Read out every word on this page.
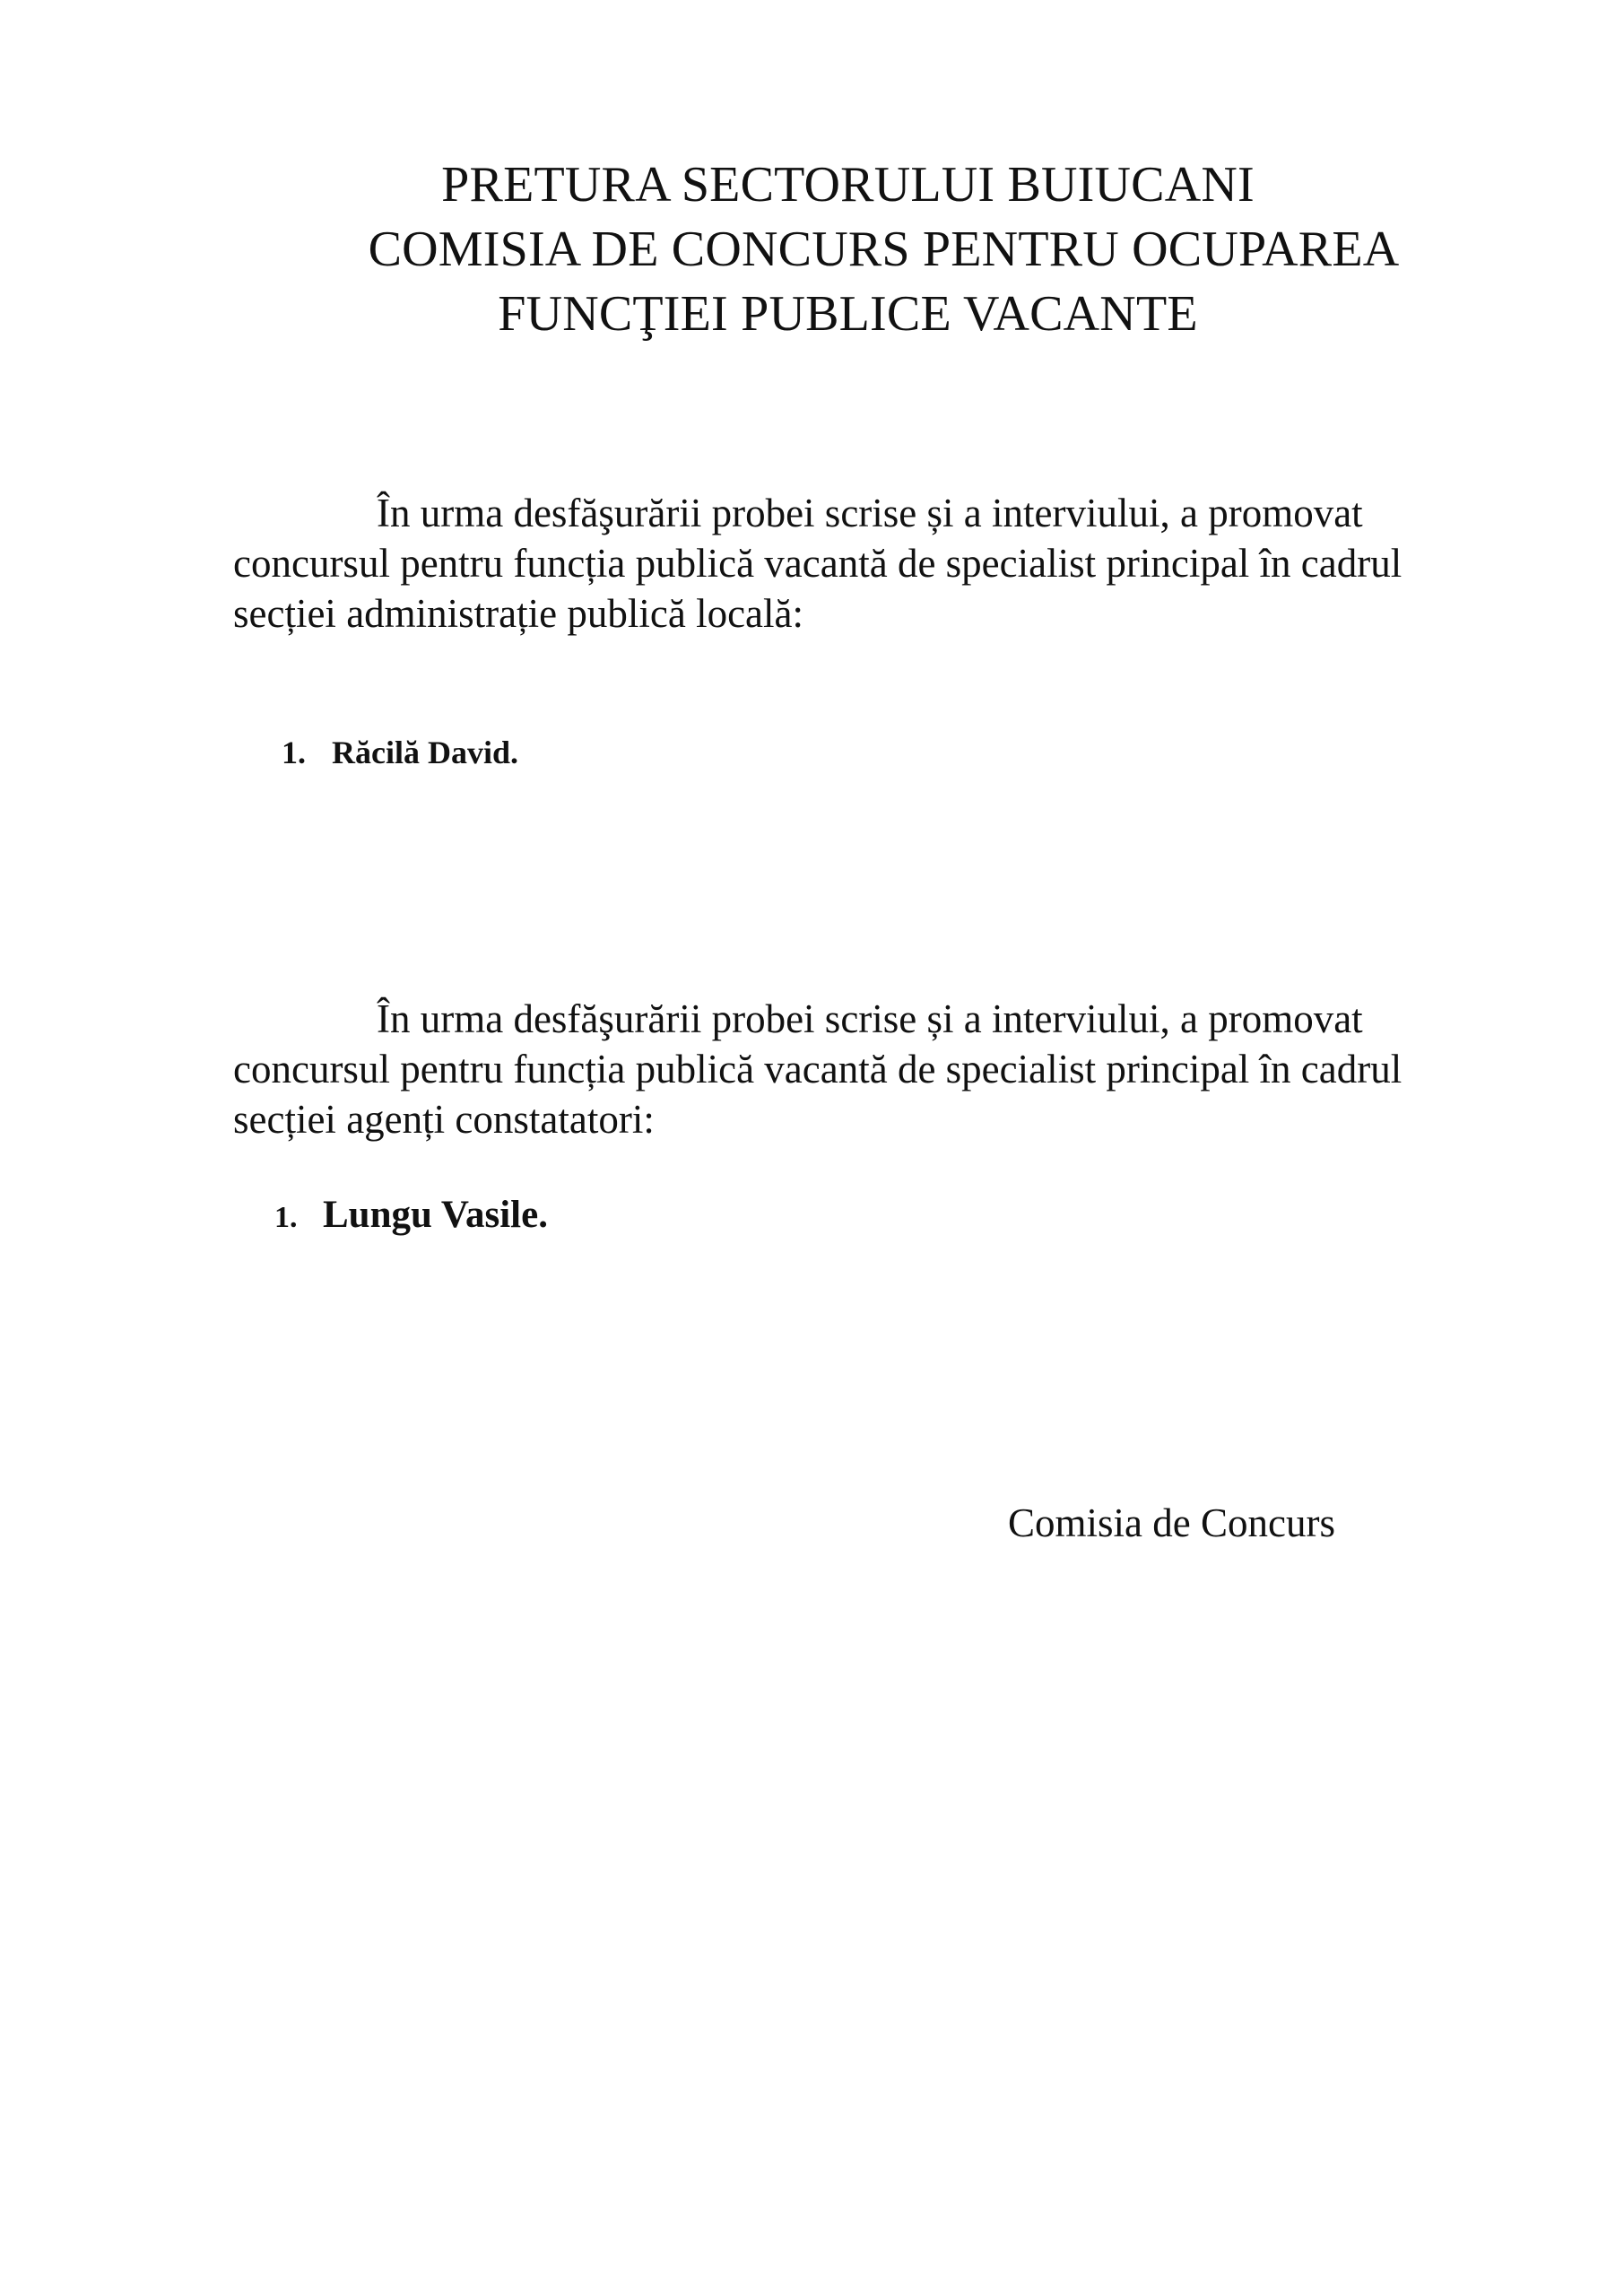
PRETURA SECTORULUI BUIUCANI
COMISIA DE CONCURS PENTRU OCUPAREA
FUNCŢIEI PUBLICE VACANTE
În urma desfăşurării probei scrise și a interviului, a promovat
concursul pentru funcția publică vacantă de specialist principal în cadrul
secției administrație publică locală:
1. Răcilă David.
În urma desfăşurării probei scrise și a interviului, a promovat
concursul pentru funcția publică vacantă de specialist principal în cadrul
secției agenți constatatori:
1. Lungu Vasile.
Comisia de Concurs
